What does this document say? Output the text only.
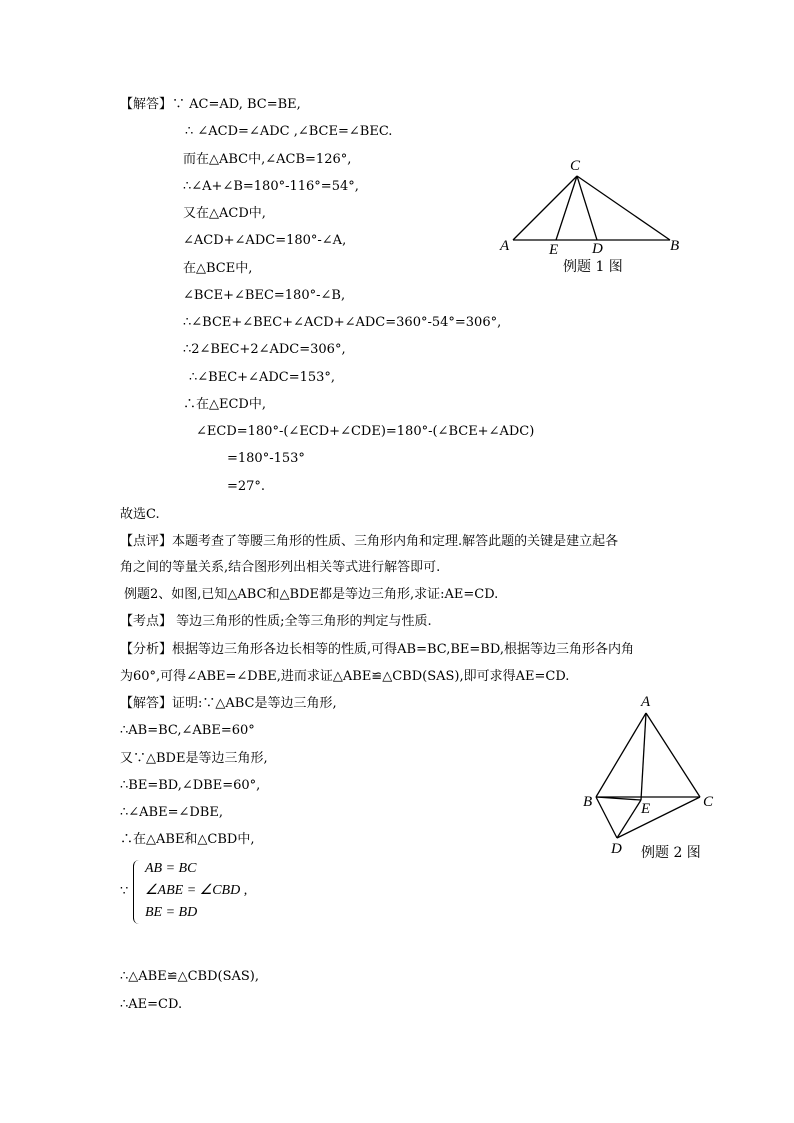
【解答】∵ AC=AD, BC=BE,
∴ ∠ACD=∠ADC ,∠BCE=∠BEC.
而在△ABC中,∠ACB=126°,
∴∠A+∠B=180°-116°=54°,
又在△ACD中,
∠ACD+∠ADC=180°-∠A,
在△BCE中,
∠BCE+∠BEC=180°-∠B,
∴∠BCE+∠BEC+∠ACD+∠ADC=360°-54°=306°,
∴2∠BEC+2∠ADC=306°,
∴∠BEC+∠ADC=153°,
∴在△ECD中,
∠ECD=180°-(∠ECD+∠CDE)=180°-(∠BCE+∠ADC)
=180°-153°
=27°.
故选C.
【点评】本题考查了等腰三角形的性质、三角形内角和定理.解答此题的关键是建立起各
角之间的等量关系,结合图形列出相关等式进行解答即可.
例题2、如图,已知△ABC和△BDE都是等边三角形,求证:AE=CD.
【考点】 等边三角形的性质;全等三角形的判定与性质.
【分析】根据等边三角形各边长相等的性质,可得AB=BC,BE=BD,根据等边三角形各内角
为60°,可得∠ABE=∠DBE,进而求证△ABE≌△CBD(SAS),即可求得AE=CD.
【解答】证明:∵△ABC是等边三角形,
∴AB=BC,∠ABE=60°
又∵△BDE是等边三角形,
∴BE=BD,∠DBE=60°,
∴∠ABE=∠DBE,
∴在△ABE和△CBD中,
∵
AB = BC
∠ABE = ∠CBD ,
BE = BD
∴△ABE≌△CBD(SAS),
∴AE=CD.
C
A	E D	B
例题 1 图
A
B	E	C
D 例题 2 图
